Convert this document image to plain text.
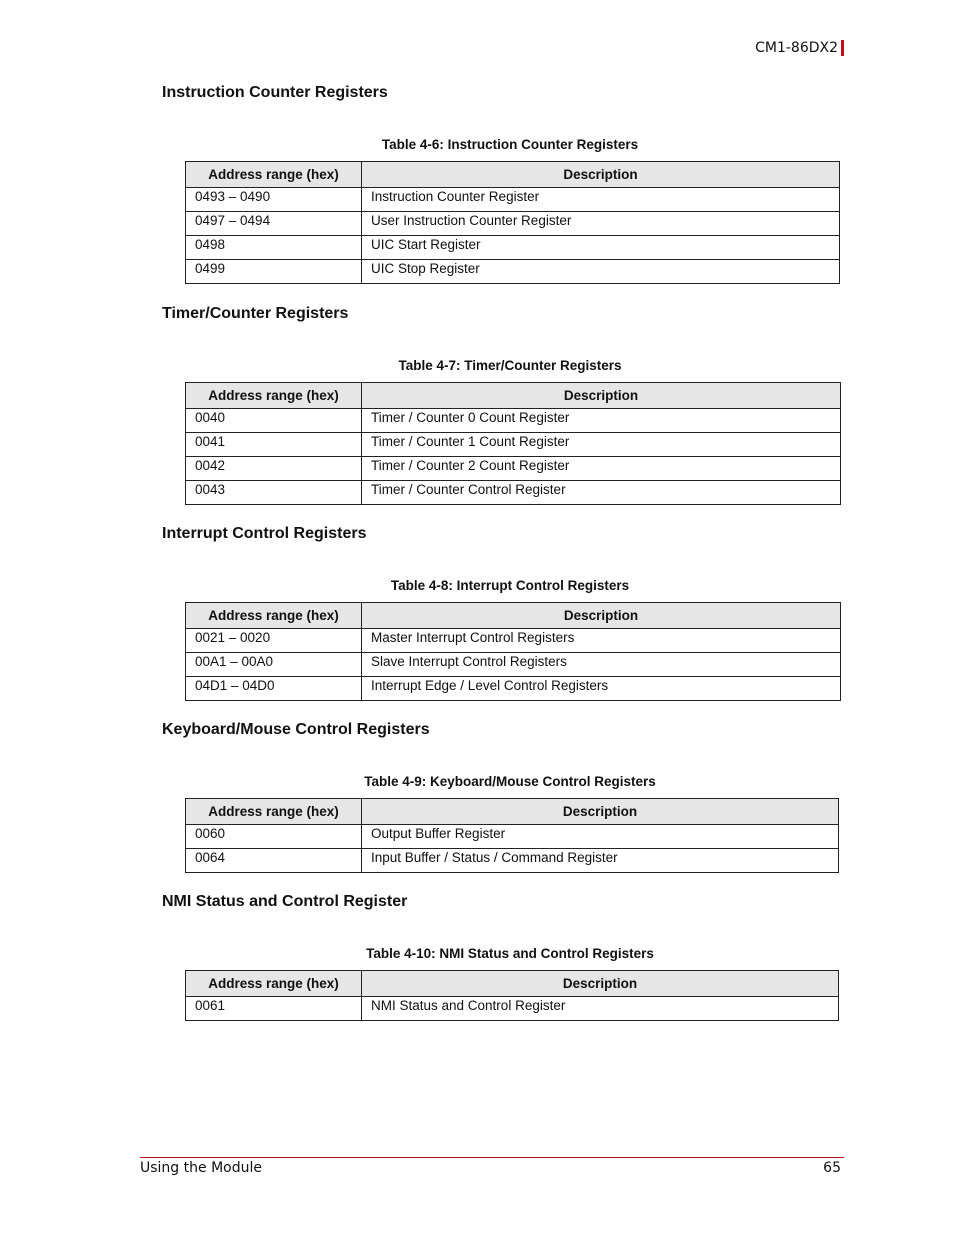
CM1-86DX2
Instruction Counter Registers
Table 4-6: Instruction Counter Registers
Address range (hex)	Description
0493 – 0490	Instruction Counter Register
0497 – 0494	User Instruction Counter Register
0498	UIC Start Register
0499	UIC Stop Register
Timer/Counter Registers
Table 4-7: Timer/Counter Registers
Address range (hex)	Description
0040	Timer / Counter 0 Count Register
0041	Timer / Counter 1 Count Register
0042	Timer / Counter 2 Count Register
0043	Timer / Counter Control Register
Interrupt Control Registers
Table 4-8: Interrupt Control Registers
Address range (hex)	Description
0021 – 0020	Master Interrupt Control Registers
00A1 – 00A0	Slave Interrupt Control Registers
04D1 – 04D0	Interrupt Edge / Level Control Registers
Keyboard/Mouse Control Registers
Table 4-9: Keyboard/Mouse Control Registers
Address range (hex)	Description
0060	Output Buffer Register
0064	Input Buffer / Status / Command Register
NMI Status and Control Register
Table 4-10: NMI Status and Control Registers
Address range (hex)	Description
0061	NMI Status and Control Register
Using the Module	65
